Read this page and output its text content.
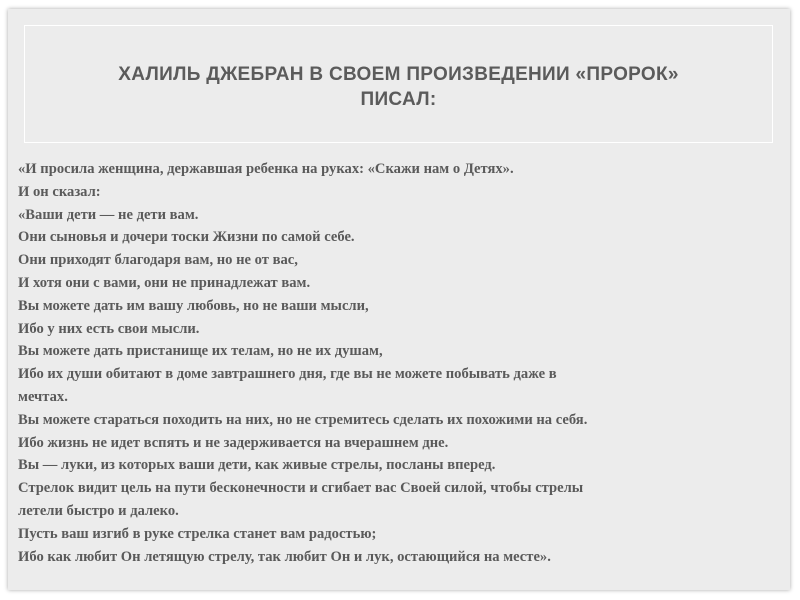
ХАЛИЛЬ ДЖЕБРАН В СВОЕМ ПРОИЗВЕДЕНИИ «ПРОРОК»
ПИСАЛ:
«И просила женщина, державшая ребенка на руках: «Скажи нам о Детях».
И он сказал:
«Ваши дети — не дети вам.
Они сыновья и дочери тоски Жизни по самой себе.
Они приходят благодаря вам, но не от вас,
И хотя они с вами, они не принадлежат вам.
Вы можете дать им вашу любовь, но не ваши мысли,
Ибо у них есть свои мысли.
Вы можете дать пристанище их телам, но не их душам,
Ибо их души обитают в доме завтрашнего дня, где вы не можете побывать даже в
мечтах.
Вы можете стараться походить на них, но не стремитесь сделать их похожими на себя.
Ибо жизнь не идет вспять и не задерживается на вчерашнем дне.
Вы — луки, из которых ваши дети, как живые стрелы, посланы вперед.
Стрелок видит цель на пути бесконечности и сгибает вас Своей силой, чтобы стрелы
летели быстро и далеко.
Пусть ваш изгиб в руке стрелка станет вам радостью;
Ибо как любит Он летящую стрелу, так любит Он и лук, остающийся на месте».
